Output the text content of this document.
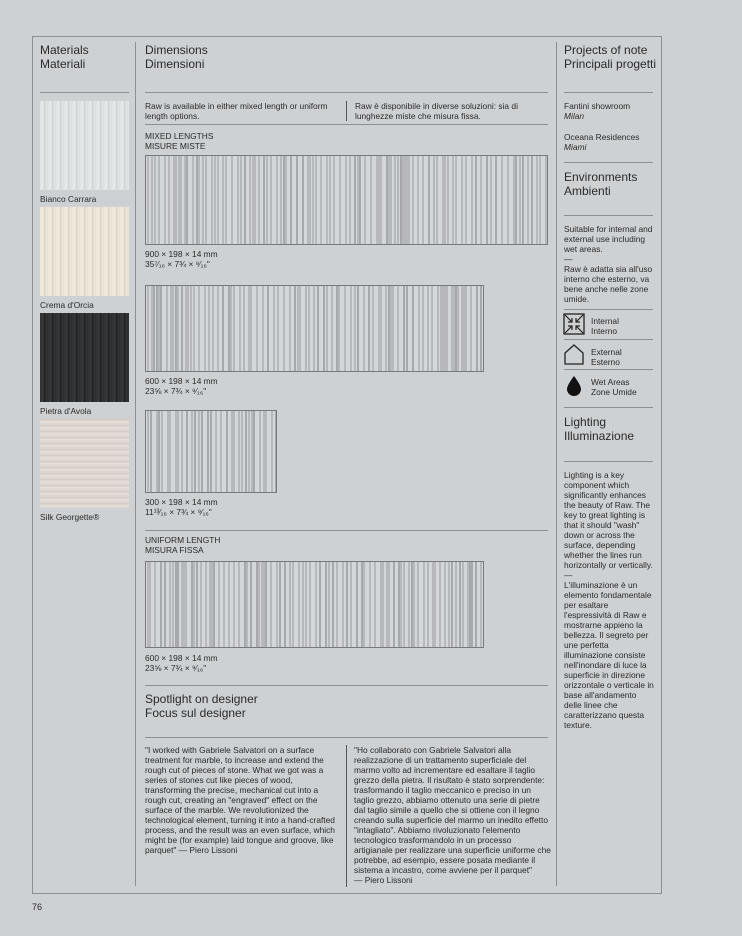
Materials
Materiali
Bianco Carrara
Crema d'Orcia
Pietra d'Avola
Silk Georgette®
Dimensions
Dimensioni
Raw is available in either mixed length or uniform length options.
Raw è disponibile in diverse soluzioni: sia di lunghezze miste che misura fissa.
MIXED LENGTHS
MISURE MISTE
900 × 198 × 14 mm
35⁷⁄₁₆ × 7¾ × ⁹⁄₁₆"
600 × 198 × 14 mm
23⅝ × 7¾ × ⁹⁄₁₆"
300 × 198 × 14 mm
11¹³⁄₁₆ × 7¾ × ⁹⁄₁₆"
UNIFORM LENGTH
MISURA FISSA
600 × 198 × 14 mm
23⅝ × 7¾ × ⁹⁄₁₆"
Spotlight on designer
Focus sul designer
"I worked with Gabriele Salvatori on a surface treatment for marble, to increase and extend the rough cut of pieces of stone. What we got was a series of stones cut like pieces of wood, transforming the precise, mechanical cut into a rough cut, creating an "engraved" effect on the surface of the marble. We revolutionized the technological element, turning it into a hand-crafted process, and the result was an even surface, which might be (for example) laid tongue and groove, like parquet" — Piero Lissoni
"Ho collaborato con Gabriele Salvatori alla realizzazione di un trattamento superficiale del marmo volto ad incrementare ed esaltare il taglio grezzo della pietra. Il risultato è stato sorprendente: trasformando il taglio meccanico e preciso in un taglio grezzo, abbiamo ottenuto una serie di pietre dal taglio simile a quello che si ottiene con il legno creando sulla superficie del marmo un inedito effetto "intagliato". Abbiamo rivoluzionato l'elemento tecnologico trasformandolo in un processo artigianale per realizzare una superficie uniforme che potrebbe, ad esempio, essere posata mediante il sistema a incastro, come avviene per il parquet"
— Piero Lissoni
Projects of note
Principali progetti
Fantini showroom
Milan
Oceana Residences
Miami
Environments
Ambienti
Suitable for internal and external use including wet areas.
—
Raw è adatta sia all'uso interno che esterno, va bene anche nelle zone umide.
Internal
Interno
External
Esterno
Wet Areas
Zone Umide
Lighting
Illuminazione
Lighting is a key component which significantly enhances the beauty of Raw. The key to great lighting is that it should "wash" down or across the surface, depending whether the lines run horizontally or vertically.
—
L'illuminazione è un elemento fondamentale per esaltare l'espressività di Raw e mostrarne appieno la bellezza. Il segreto per une perfetta illuminazione consiste nell'inondare di luce la superficie in direzione orizzontale o verticale in base all'andamento delle linee che caratterizzano questa texture.
76
